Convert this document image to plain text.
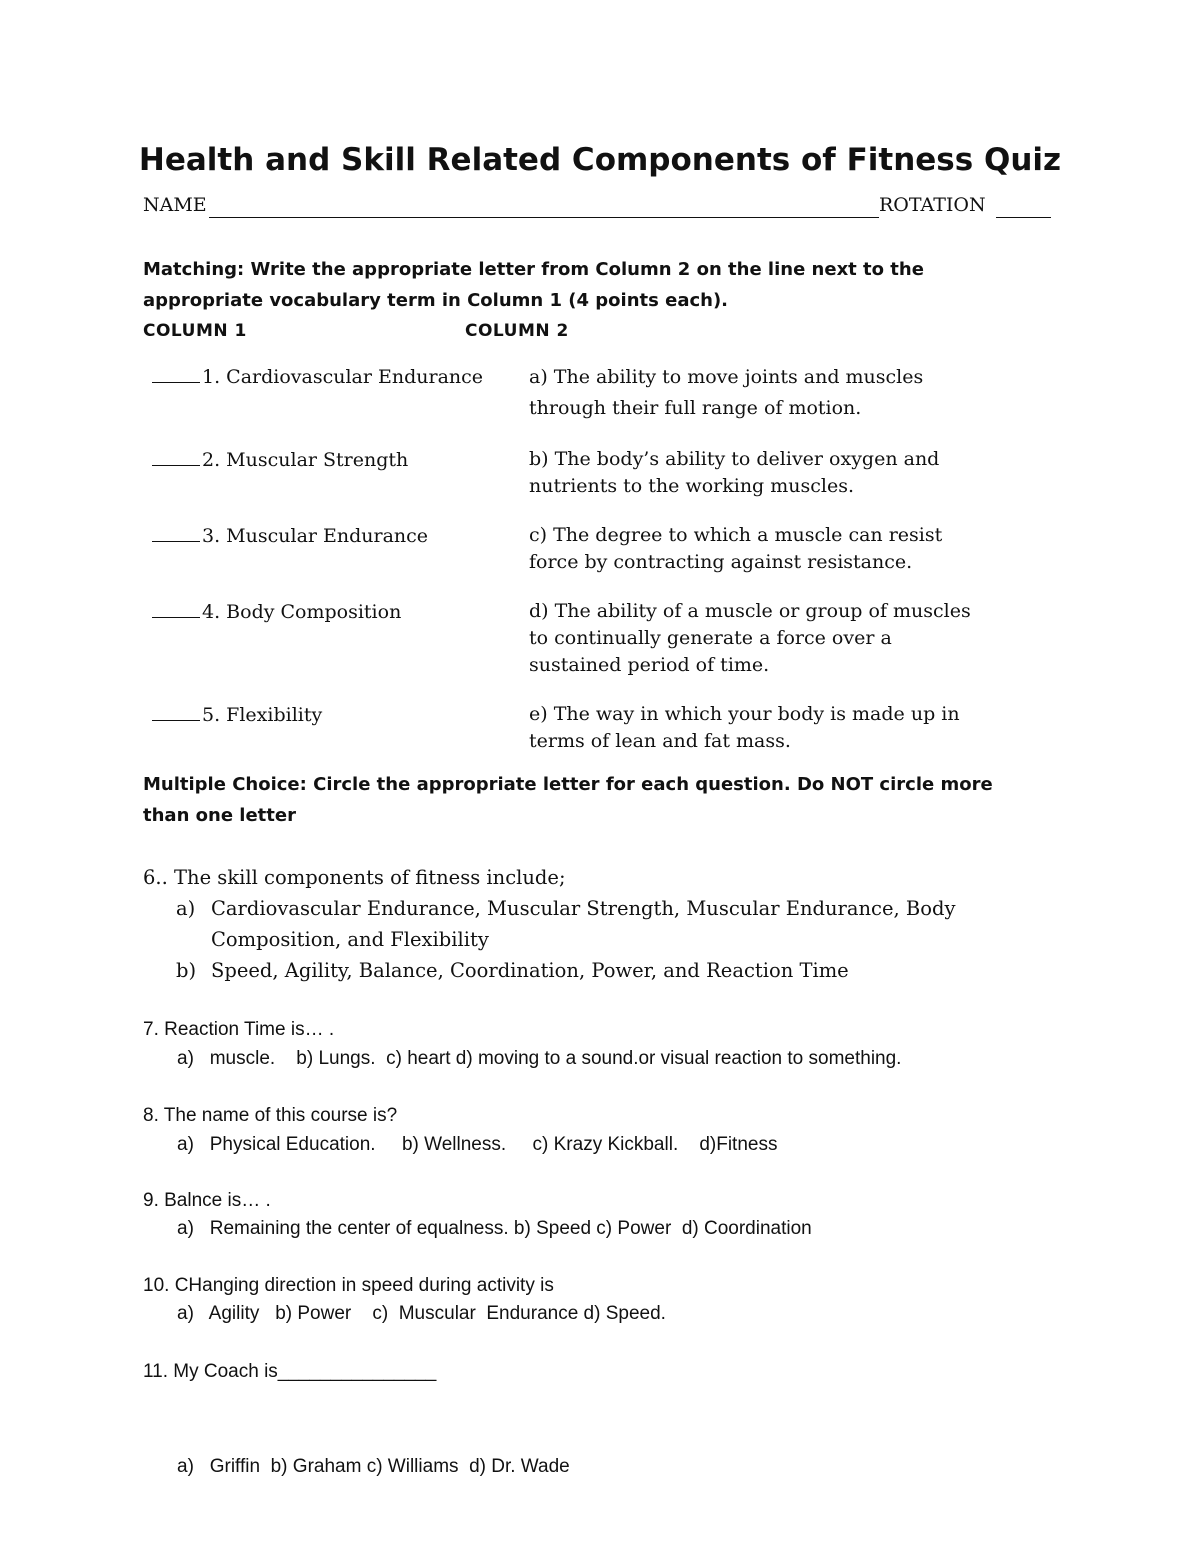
Health and Skill Related Components of Fitness Quiz
NAME	ROTATION
Matching: Write the appropriate letter from Column 2 on the line next to the
appropriate vocabulary term in Column 1 (4 points each).
COLUMN 1	COLUMN 2
1. Cardiovascular Endurance
2. Muscular Strength
3. Muscular Endurance
4. Body Composition
5. Flexibility
a) The ability to move joints and muscles
through their full range of motion.
b) The body’s ability to deliver oxygen and
nutrients to the working muscles.
c) The degree to which a muscle can resist
force by contracting against resistance.
d) The ability of a muscle or group of muscles
to continually generate a force over a
sustained period of time.
e) The way in which your body is made up in
terms of lean and fat mass.
Multiple Choice: Circle the appropriate letter for each question. Do NOT circle more
than one letter
6.. The skill components of fitness include;
a) Cardiovascular Endurance, Muscular Strength, Muscular Endurance, Body
Composition, and Flexibility
b) Speed, Agility, Balance, Coordination, Power, and Reaction Time
7. Reaction Time is… .
a)   muscle.    b) Lungs.  c) heart d) moving to a sound.or visual reaction to something.
8. The name of this course is?
a)   Physical Education.     b) Wellness.     c) Krazy Kickball.    d)Fitness
9. Balnce is… .
a)   Remaining the center of equalness. b) Speed c) Power  d) Coordination
10. CHanging direction in speed during activity is
a)   Agility   b) Power    c)  Muscular  Endurance d) Speed.
11. My Coach is_______________
a)   Griffin  b) Graham c) Williams  d) Dr. Wade
